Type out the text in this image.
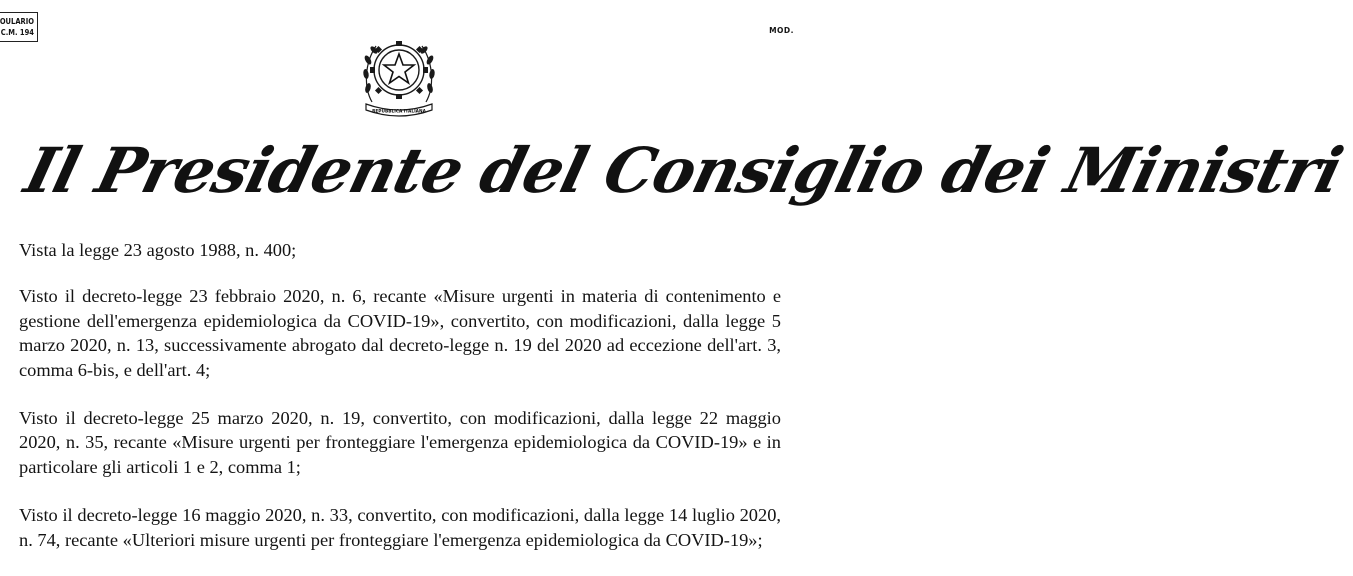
OULARIO
C.M. 194	MOD.
REPUBBLICA ITALIANA
Il Presidente del Consiglio dei Ministri

Vista la legge 23 agosto 1988, n. 400;

Visto il decreto-legge 23 febbraio 2020, n. 6, recante «Misure urgenti in materia di contenimento e gestione dell'emergenza epidemiologica da COVID-19», convertito, con modificazioni, dalla legge 5 marzo 2020, n. 13, successivamente abrogato dal decreto-legge n. 19 del 2020 ad eccezione dell'art. 3, comma 6-bis, e dell'art. 4;

Visto il decreto-legge 25 marzo 2020, n. 19, convertito, con modificazioni, dalla legge 22 maggio 2020, n. 35, recante «Misure urgenti per fronteggiare l'emergenza epidemiologica da COVID-19» e in particolare gli articoli 1 e 2, comma 1;

Visto il decreto-legge 16 maggio 2020, n. 33, convertito, con modificazioni, dalla legge 14 luglio 2020, n. 74, recante «Ulteriori misure urgenti per fronteggiare l'emergenza epidemiologica da COVID-19»;
